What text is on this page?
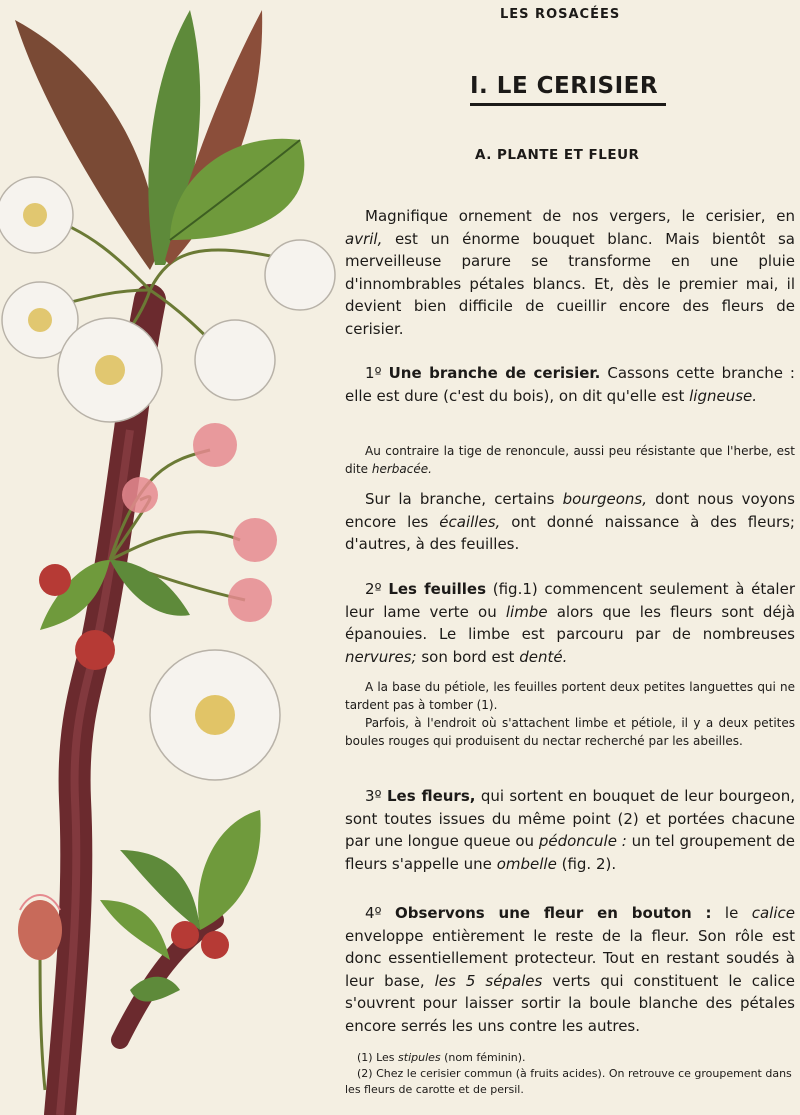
LES ROSACÉES
I. LE CERISIER
A. PLANTE ET FLEUR

Magnifique ornement de nos vergers, le cerisier, en avril, est un énorme bouquet blanc. Mais bientôt sa merveilleuse parure se transforme en une pluie d'innombrables pétales blancs. Et, dès le premier mai, il devient bien difficile de cueillir encore des fleurs de cerisier.

1º Une branche de cerisier. Cassons cette branche : elle est dure (c'est du bois), on dit qu'elle est ligneuse.

Au contraire la tige de renoncule, aussi peu résistante que l'herbe, est dite herbacée.

Sur la branche, certains bourgeons, dont nous voyons encore les écailles, ont donné naissance à des fleurs; d'autres, à des feuilles.

2º Les feuilles (fig.1) commencent seulement à étaler leur lame verte ou limbe alors que les fleurs sont déjà épanouies. Le limbe est parcouru par de nombreuses nervures; son bord est denté.

A la base du pétiole, les feuilles portent deux petites languettes qui ne tardent pas à tomber (1).

Parfois, à l'endroit où s'attachent limbe et pétiole, il y a deux petites boules rouges qui produisent du nectar recherché par les abeilles.

3º Les fleurs, qui sortent en bouquet de leur bourgeon, sont toutes issues du même point (2) et portées chacune par une longue queue ou pédoncule : un tel groupement de fleurs s'appelle une ombelle (fig. 2).

4º Observons une fleur en bouton : le calice enveloppe entièrement le reste de la fleur. Son rôle est donc essentiellement protecteur. Tout en restant soudés à leur base, les 5 sépales verts qui constituent le calice s'ouvrent pour laisser sortir la boule blanche des pétales encore serrés les uns contre les autres.

(1) Les stipules (nom féminin).

(2) Chez le cerisier commun (à fruits acides). On retrouve ce groupement dans les fleurs de carotte et de persil.
